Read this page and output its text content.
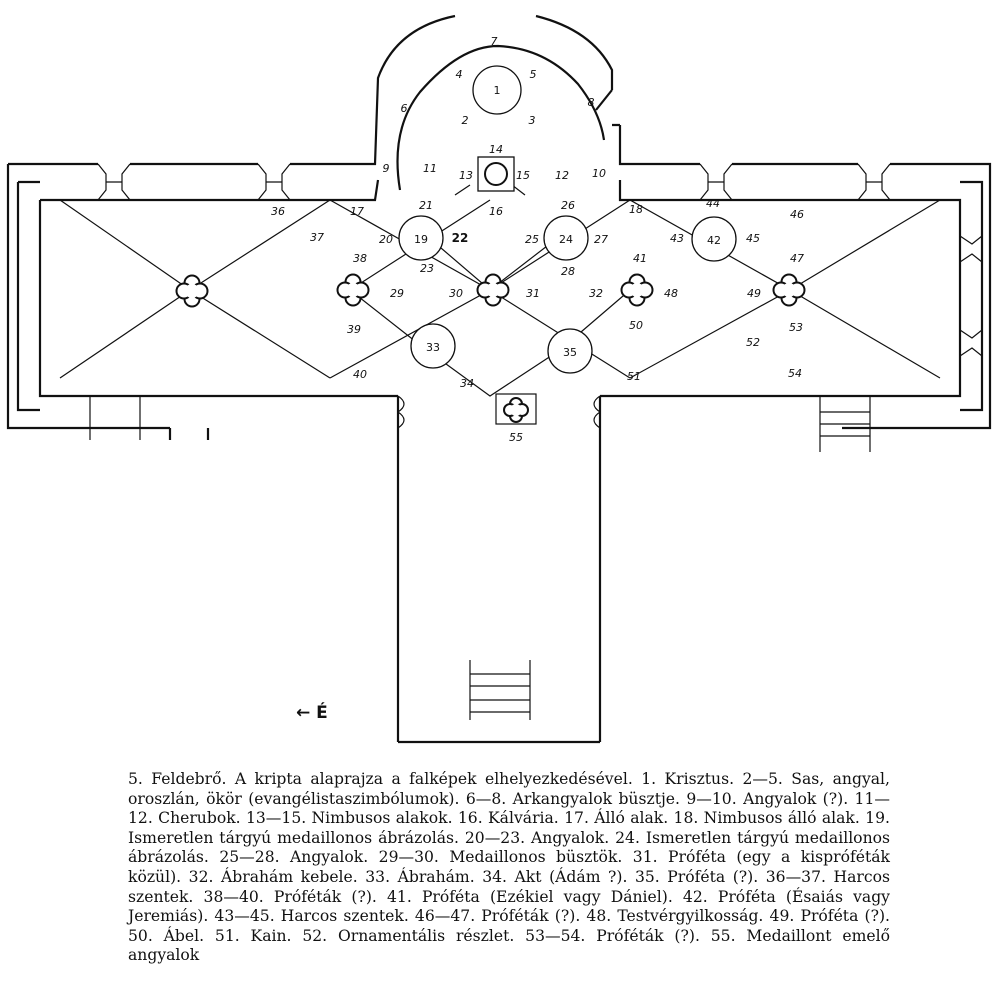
1
2	3
4	5
6
7
8
9	10
11
12
13
14
15
16
17	18
19
20
21
22
23
24
25
26
27
28
29	30	31	32
33
34
35
36
37
38
39
40
41
42
43
44
45
46
47
48	49
50
51
52
53
54
55
← É
5. Feldebrő. A kripta alaprajza a falképek elhelyezkedésével. 1. Krisztus. 2—5. Sas, angyal, oroszlán, ökör (evangélistaszimbólumok). 6—8. Arkangyalok büsztje. 9—10. Angyalok (?). 11—12. Cherubok. 13—15. Nimbusos alakok. 16. Kálvária. 17. Álló alak. 18. Nimbusos álló alak. 19. Ismeretlen tárgyú medaillonos ábrázolás. 20—23. Angyalok. 24. Ismeretlen tárgyú medaillonos ábrázolás. 25—28. Angyalok. 29—30. Medaillonos büsztök. 31. Próféta (egy a kispróféták közül). 32. Ábrahám kebele. 33. Ábrahám. 34. Akt (Ádám ?). 35. Próféta (?). 36—37. Harcos szentek. 38—40. Próféták (?). 41. Próféta (Ezékiel vagy Dániel). 42. Próféta (Ésaiás vagy Jeremiás). 43—45. Harcos szentek. 46—47. Próféták (?). 48. Testvérgyilkosság. 49. Próféta (?). 50. Ábel. 51. Kain. 52. Ornamentális részlet. 53—54. Próféták (?). 55. Medaillont emelő angyalok
